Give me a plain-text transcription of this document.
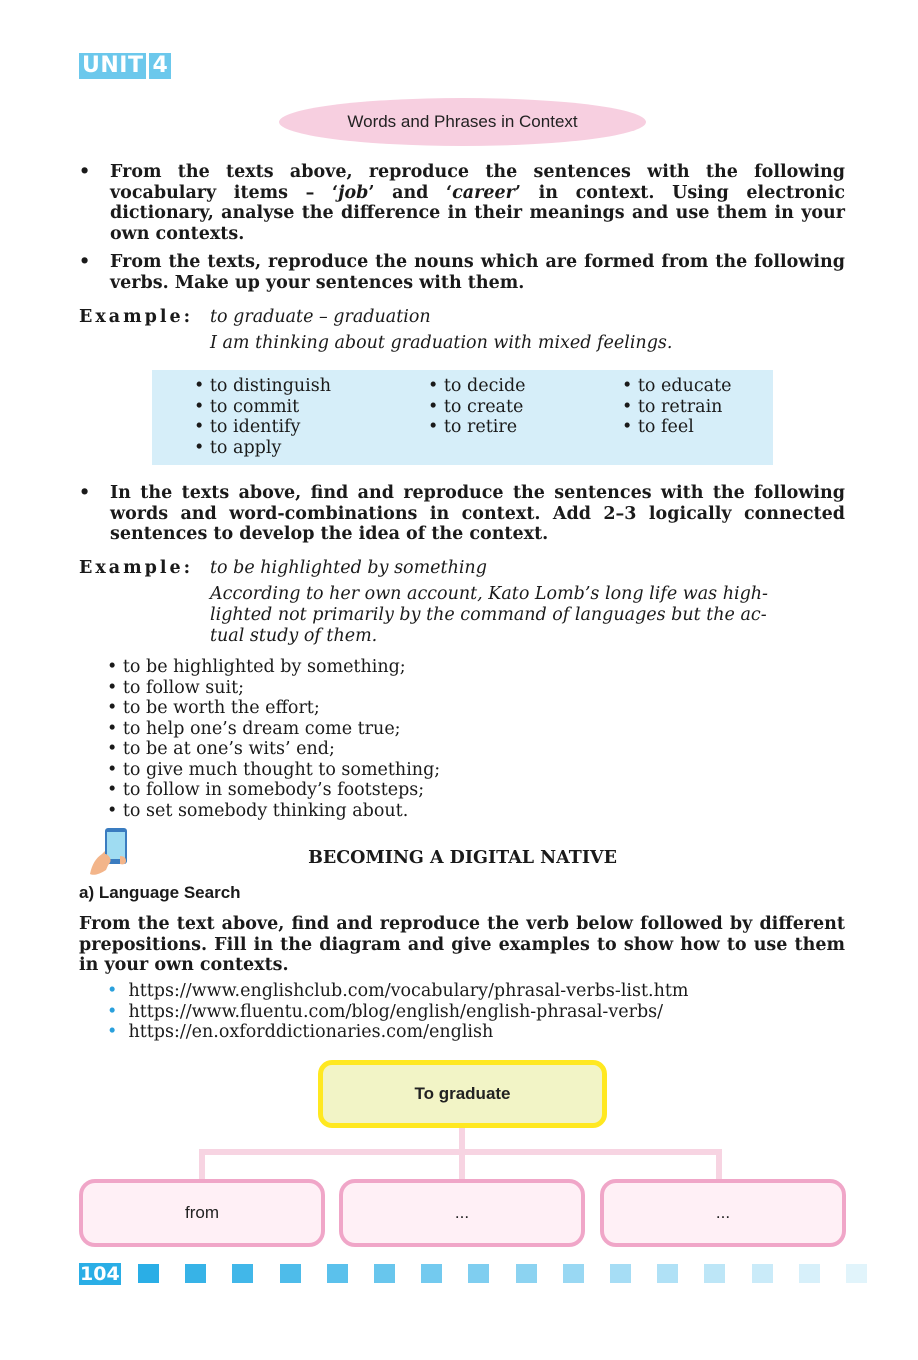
UNIT 4
Words and Phrases in Context
•	From the texts above, reproduce the sentences with the following vocabulary items – ‘job’ and ‘career’ in context. Using electronic dictionary, analyse the difference in their meanings and use them in your own contexts.
•	From the texts, reproduce the nouns which are formed from the following verbs. Make up your sentences with them.
Example: to graduate – graduation
I am thinking about graduation with mixed feelings.
• to distinguish
• to commit
• to identify
• to apply
• to decide
• to create
• to retire
• to educate
• to retrain
• to feel
•	In the texts above, find and reproduce the sentences with the following words and word-combinations in context. Add 2–3 logically connected sentences to develop the idea of the context.
Example: to be highlighted by something
According to her own account, Kato Lomb’s long life was high-
lighted not primarily by the command of languages but the ac-
tual study of them.
• to be highlighted by something;
• to follow suit;
• to be worth the effort;
• to help one’s dream come true;
• to be at one’s wits’ end;
• to give much thought to something;
• to follow in somebody’s footsteps;
• to set somebody thinking about.
BECOMING A DIGITAL NATIVE
a) Language Search
From the text above, find and reproduce the verb below followed by different prepositions. Fill in the diagram and give examples to show how to use them in your own contexts.
•  https://www.englishclub.com/vocabulary/phrasal-verbs-list.htm
•  https://www.fluentu.com/blog/english/english-phrasal-verbs/
•  https://en.oxforddictionaries.com/english
To graduate
from	...	...
104
